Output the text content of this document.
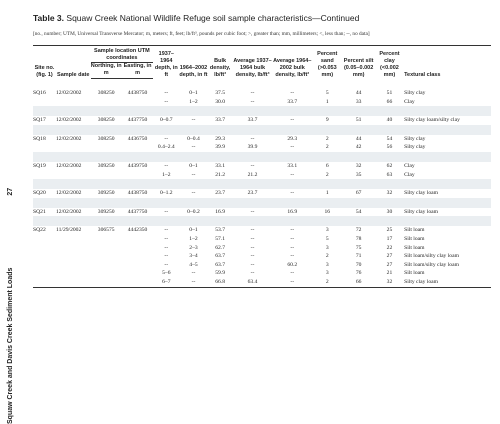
Squaw Creek and Davis Creek Sediment Loads 27
Table 3. Squaw Creek National Wildlife Refuge soil sample characteristics—Continued
[no., number; UTM, Universal Transverse Mercator; m, meters; ft, feet; lb/ft³, pounds per cubic foot; >, greater than; mm, millimeters; <, less than; --, no data]
Site no. (fig. 1)	Sample date	Sample location UTM coordinates		1937–1964 depth, in ft	1964–2002 depth, in ft	Bulk density, lb/ft³	Average 1937–1964 bulk density, lb/ft³	Average 1964–2002 bulk density, lb/ft³	Percent sand (>0.053 mm)	Percent silt (0.05–0.002 mm)	Percent clay (<0.002 mm)	Textural class
		Northing, in m	Easting, in m									

SQ16	12/02/2002	308250	4438750	--	0–1	37.5	--	--	5	44	51	Silty clay
				--	1–2	30.0	--	33.7	1	33	66	Clay

SQ17	12/02/2002	308250	4437750	0–0.7	--	33.7	33.7	--	9	51	40	Silty clay loam/silty clay

SQ18	12/02/2002	308250	4436750	--	0–0.4	29.3	--	29.3	2	44	54	Silty clay
				0.4–2.4	--	39.9	39.9	--	2	42	56	Silty clay

SQ19	12/02/2002	309250	4439750	--	0–1	33.1	--	33.1	6	32	62	Clay
				1–2	--	21.2	21.2	--	2	35	63	Clay

SQ20	12/02/2002	309250	4438750	0–1.2	--	23.7	23.7	--	1	67	32	Silty clay loam

SQ21	12/02/2002	309250	4437750	--	0–0.2	16.9	--	16.9	16	54	30	Silty clay loam

SQ22	11/29/2002	306575	4442350	--	0–1	53.7	--	--	3	72	25	Silt loam
				--	1–2	57.1	--	--	5	78	17	Silt loam
				--	2–3	62.7	--	--	3	75	22	Silt loam
				--	3–4	63.7	--	--	2	71	27	Silt loam/silty clay loam
				--	4–5	63.7	--	60.2	3	70	27	Silt loam/silty clay loam
				5–6	--	59.9	--	--	3	76	21	Silt loam
				6–7	--	66.8	63.4	--	2	66	32	Silty clay loam
